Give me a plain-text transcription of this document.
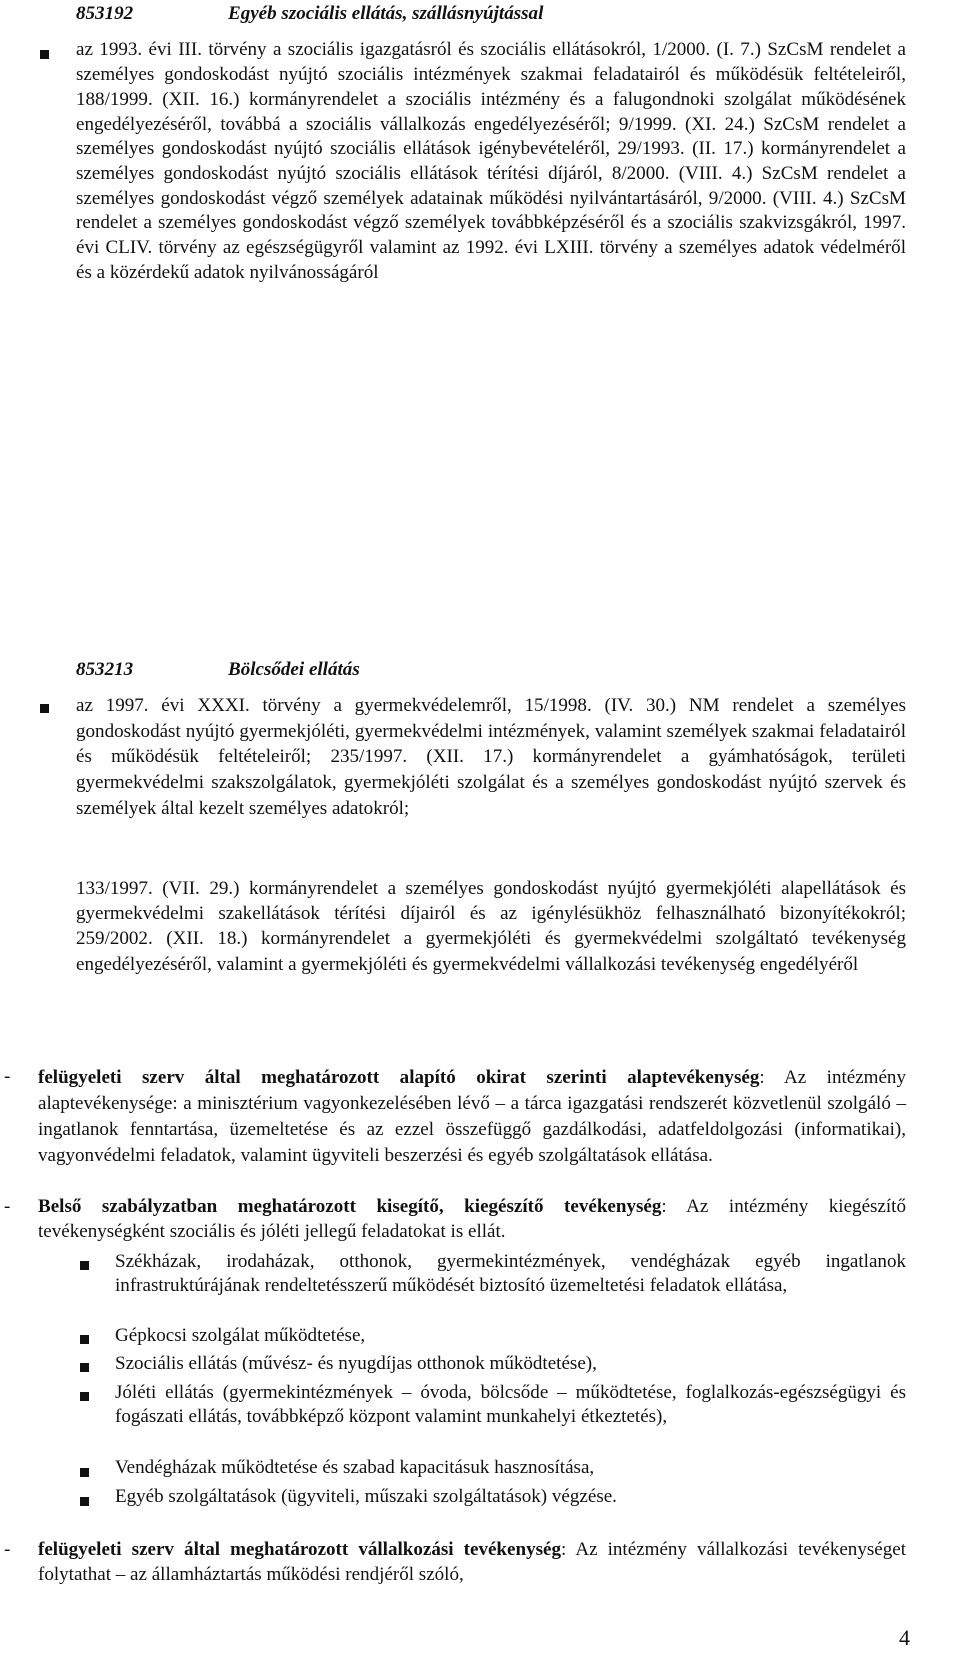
853192	Egyéb szociális ellátás, szállásnyújtással
az 1993. évi III. törvény a szociális igazgatásról és szociális ellátásokról, 1/2000. (I. 7.) SzCsM rendelet a személyes gondoskodást nyújtó szociális intézmények szakmai feladatairól és működésük feltételeiről, 188/1999. (XII. 16.) kormányrendelet a szociális intézmény és a falugondnoki szolgálat működésének engedélyezéséről, továbbá a szociális vállalkozás engedélyezéséről; 9/1999. (XI. 24.) SzCsM rendelet a személyes gondoskodást nyújtó szociális ellátások igénybevételéről, 29/1993. (II. 17.) kormányrendelet a személyes gondoskodást nyújtó szociális ellátások térítési díjáról, 8/2000. (VIII. 4.) SzCsM rendelet a személyes gondoskodást végző személyek adatainak működési nyilvántartásáról, 9/2000. (VIII. 4.) SzCsM rendelet a személyes gondoskodást végző személyek továbbképzéséről és a szociális szakvizsgákról, 1997. évi CLIV. törvény az egészségügyről valamint az 1992. évi LXIII. törvény a személyes adatok védelméről és a közérdekű adatok nyilvánosságáról
853213	Bölcsődei ellátás
az 1997. évi XXXI. törvény a gyermekvédelemről, 15/1998. (IV. 30.) NM rendelet a személyes gondoskodást nyújtó gyermekjóléti, gyermekvédelmi intézmények, valamint személyek szakmai feladatairól és működésük feltételeiről; 235/1997. (XII. 17.) kormányrendelet a gyámhatóságok, területi gyermekvédelmi szakszolgálatok, gyermekjóléti szolgálat és a személyes gondoskodást nyújtó szervek és személyek által kezelt személyes adatokról;
133/1997. (VII. 29.) kormányrendelet a személyes gondoskodást nyújtó gyermekjóléti alapellátások és gyermekvédelmi szakellátások térítési díjairól és az igénylésükhöz felhasználható bizonyítékokról; 259/2002. (XII. 18.) kormányrendelet a gyermekjóléti és gyermekvédelmi szolgáltató tevékenység engedélyezéséről, valamint a gyermekjóléti és gyermekvédelmi vállalkozási tevékenység engedélyéről
- felügyeleti szerv által meghatározott alapító okirat szerinti alaptevékenység: Az intézmény alaptevékenysége: a minisztérium vagyonkezelésében lévő – a tárca igazgatási rendszerét közvetlenül szolgáló – ingatlanok fenntartása, üzemeltetése és az ezzel összefüggő gazdálkodási, adatfeldolgozási (informatikai), vagyonvédelmi feladatok, valamint ügyviteli beszerzési és egyéb szolgáltatások ellátása.
- Belső szabályzatban meghatározott kisegítő, kiegészítő tevékenység: Az intézmény kiegészítő tevékenységként szociális és jóléti jellegű feladatokat is ellát.
Székházak, irodaházak, otthonok, gyermekintézmények, vendégházak egyéb ingatlanok infrastruktúrájának rendeltetésszerű működését biztosító üzemeltetési feladatok ellátása,
Gépkocsi szolgálat működtetése,
Szociális ellátás (művész- és nyugdíjas otthonok működtetése),
Jóléti ellátás (gyermekintézmények – óvoda, bölcsőde – működtetése, foglalkozás-egészségügyi és fogászati ellátás, továbbképző központ valamint munkahelyi étkeztetés),
Vendégházak működtetése és szabad kapacitásuk hasznosítása,
Egyéb szolgáltatások (ügyviteli, műszaki szolgáltatások) végzése.
- felügyeleti szerv által meghatározott vállalkozási tevékenység: Az intézmény vállalkozási tevékenységet folytathat – az államháztartás működési rendjéről szóló,
4
